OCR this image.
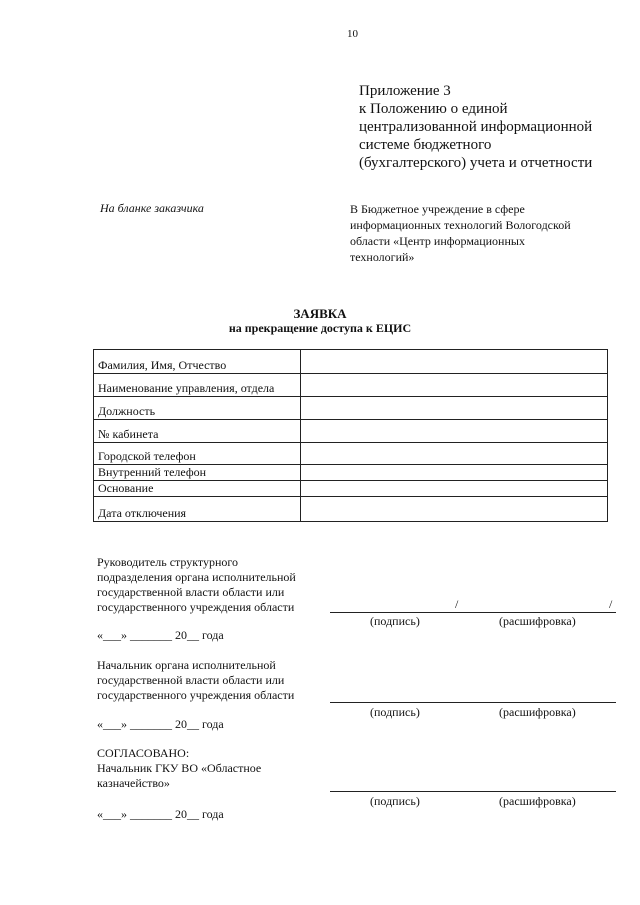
10
Приложение 3
к Положению о единой
централизованной информационной
системе бюджетного
(бухгалтерского) учета и отчетности
На бланке заказчика	В Бюджетное учреждение в сфере
информационных технологий Вологодской
области «Центр информационных
технологий»
ЗАЯВКА
на прекращение доступа к ЕЦИС
Фамилия, Имя, Отчество	
Наименование управления, отдела	
Должность	
№ кабинета	
Городской телефон	
Внутренний телефон	
Основание	
Дата отключения	
Руководитель структурного
подразделения органа исполнительной
государственной власти области или
государственного учреждения области	/	/
(подпись)	(расшифровка)
«___» _______ 20__ года
Начальник органа исполнительной
государственной власти области или
государственного учреждения области
(подпись)	(расшифровка)
«___» _______ 20__ года
СОГЛАСОВАНО:
Начальник ГКУ ВО «Областное
казначейство»
(подпись)	(расшифровка)
«___» _______ 20__ года
